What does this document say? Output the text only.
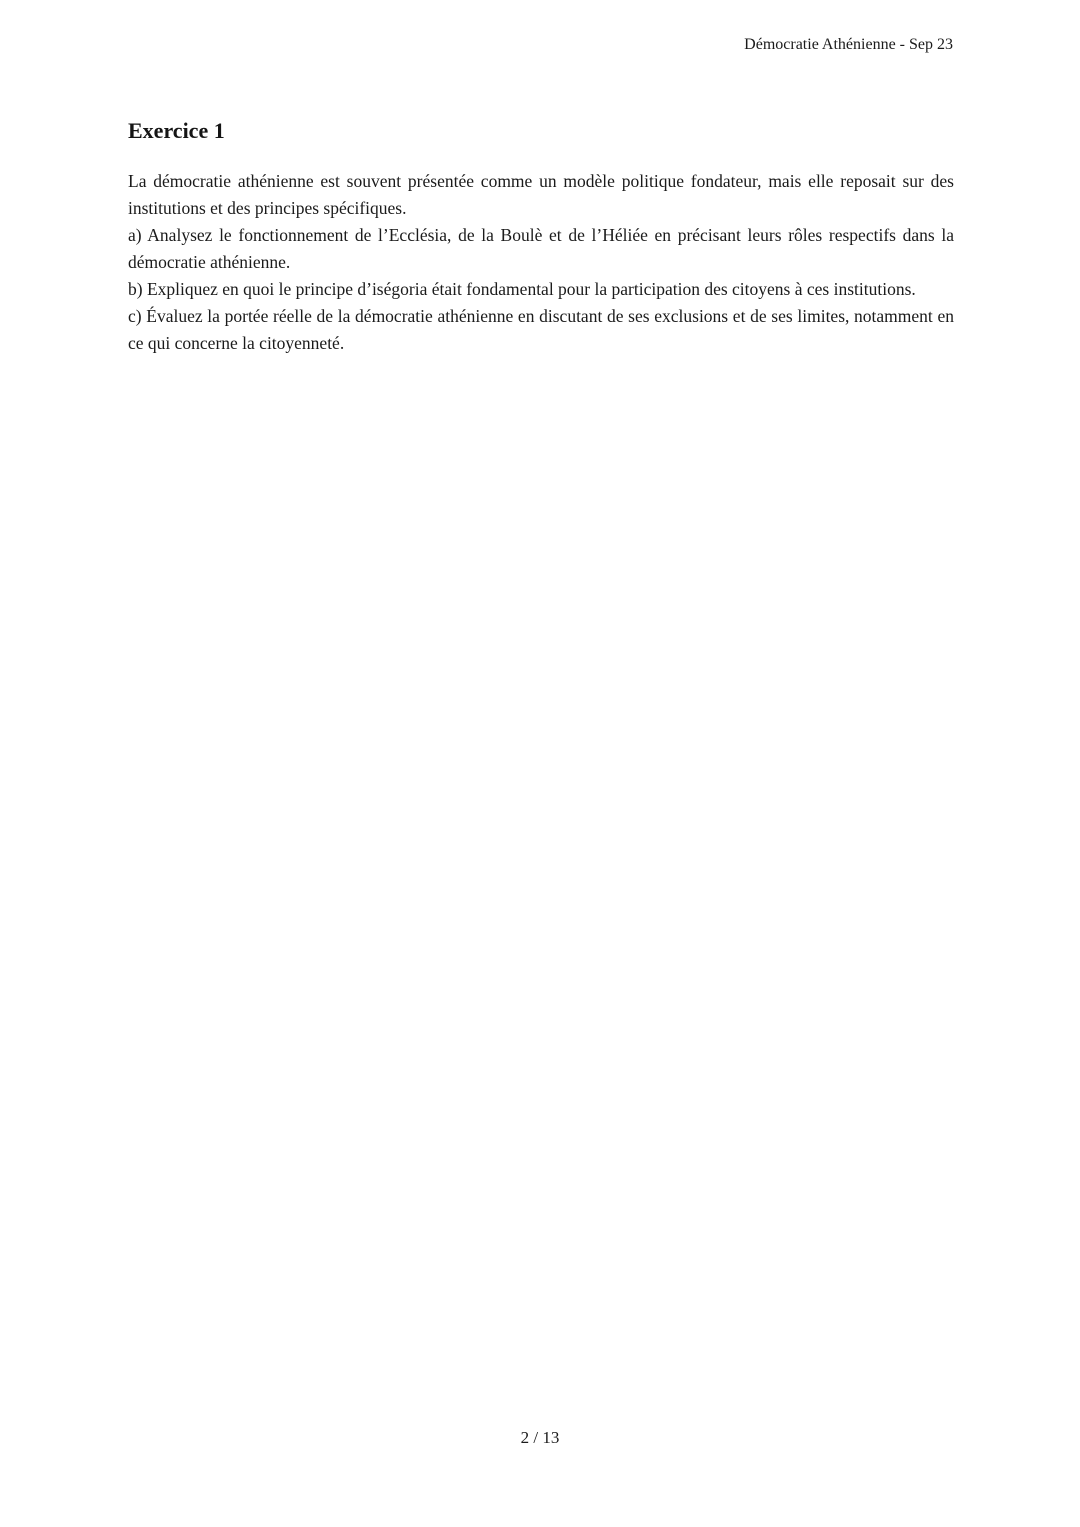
Démocratie Athénienne - Sep 23
Exercice 1

La démocratie athénienne est souvent présentée comme un modèle politique fondateur, mais elle reposait sur des institutions et des principes spécifiques.

a) Analysez le fonctionnement de l’Ecclésia, de la Boulè et de l’Héliée en précisant leurs rôles respectifs dans la démocratie athénienne.

b) Expliquez en quoi le principe d’iségoria était fondamental pour la participation des citoyens à ces institutions.

c) Évaluez la portée réelle de la démocratie athénienne en discutant de ses exclusions et de ses limites, notamment en ce qui concerne la citoyenneté.

2 / 13
